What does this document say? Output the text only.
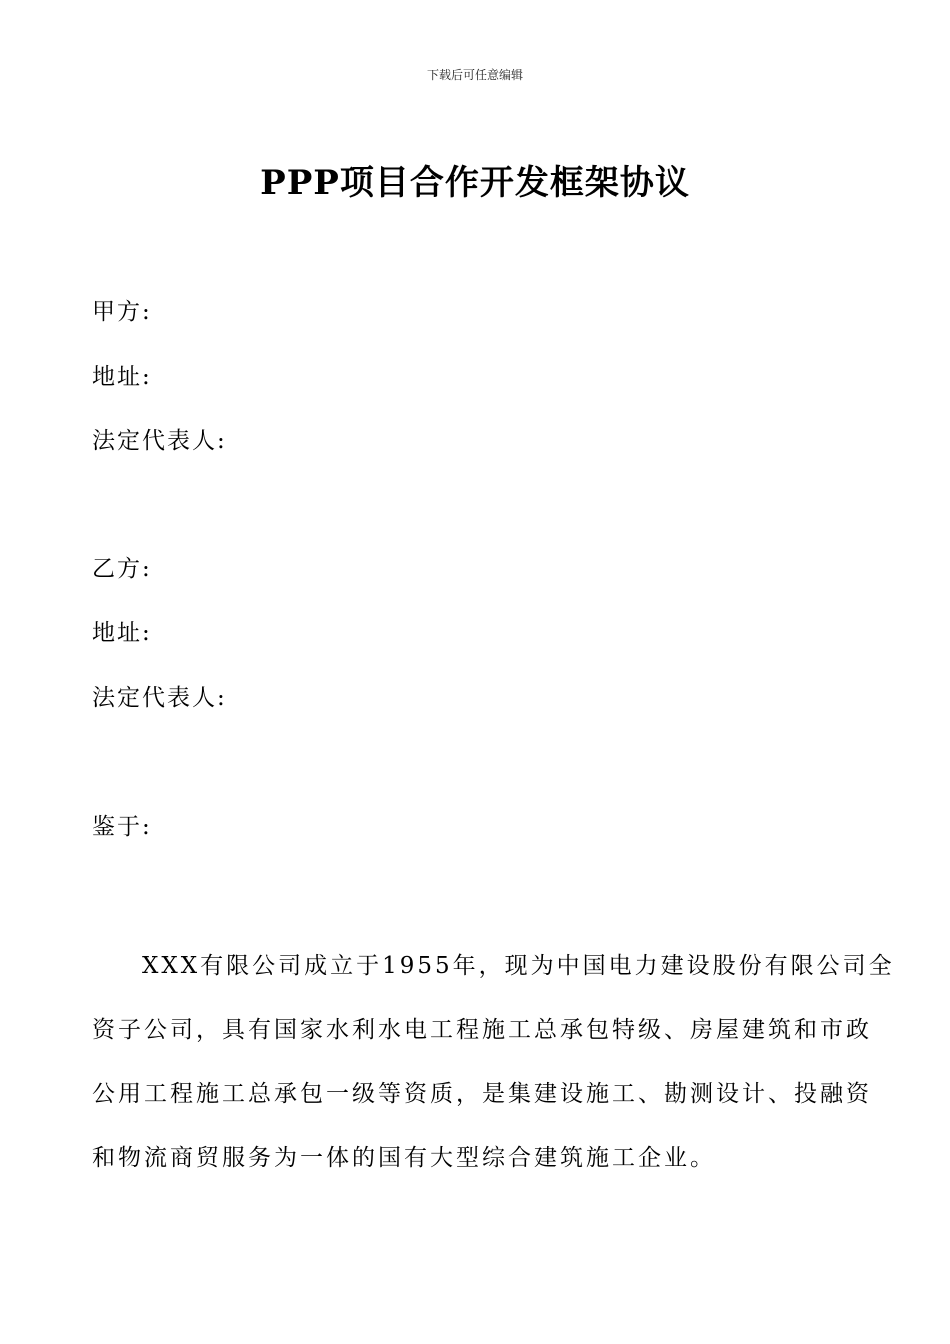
下载后可任意编辑
PPP项目合作开发框架协议
甲方:
地址:
法定代表人:
乙方:
地址:
法定代表人:
鉴于:

XXX有限公司成立于1955年，现为中国电力建设股份有限公司全
资子公司，具有国家水利水电工程施工总承包特级、房屋建筑和市政
公用工程施工总承包一级等资质，是集建设施工、勘测设计、投融资
和物流商贸服务为一体的国有大型综合建筑施工企业。
